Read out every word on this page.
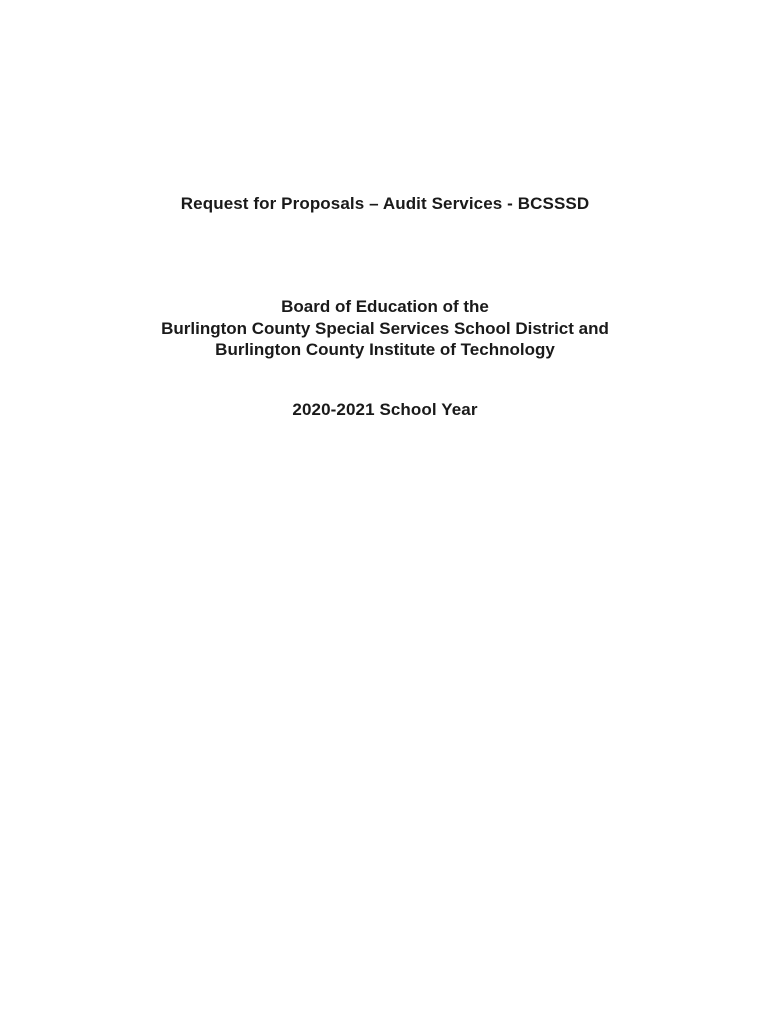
Request for Proposals – Audit Services - BCSSSD
Board of Education of the
Burlington County Special Services School District and
Burlington County Institute of Technology
2020-2021 School Year
